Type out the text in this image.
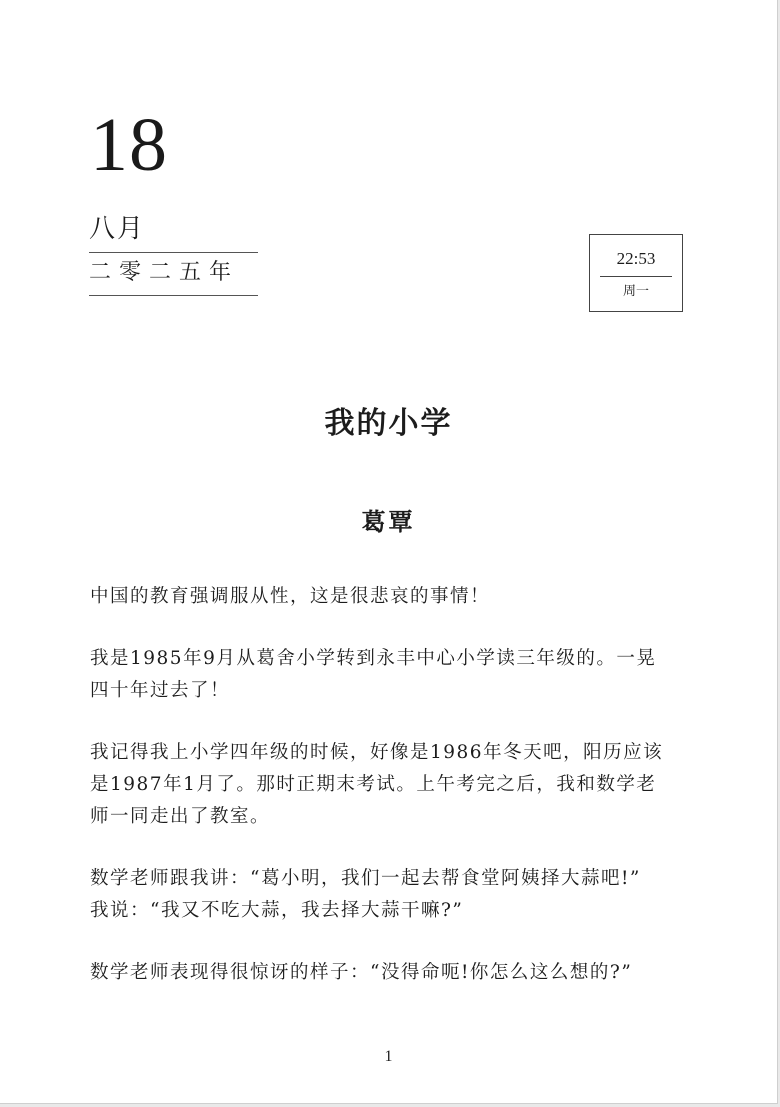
18
八月
二零二五年
22:53
周一
我的小学
葛覃

中国的教育强调服从性，这是很悲哀的事情！

我是1985年9月从葛舍小学转到永丰中心小学读三年级的。一晃
四十年过去了！

我记得我上小学四年级的时候，好像是1986年冬天吧，阳历应该
是1987年1月了。那时正期末考试。上午考完之后，我和数学老
师一同走出了教室。

数学老师跟我讲：“葛小明，我们一起去帮食堂阿姨择大蒜吧!”
我说：“我又不吃大蒜，我去择大蒜干嘛?”

数学老师表现得很惊讶的样子：“没得命呃!你怎么这么想的?”

1
